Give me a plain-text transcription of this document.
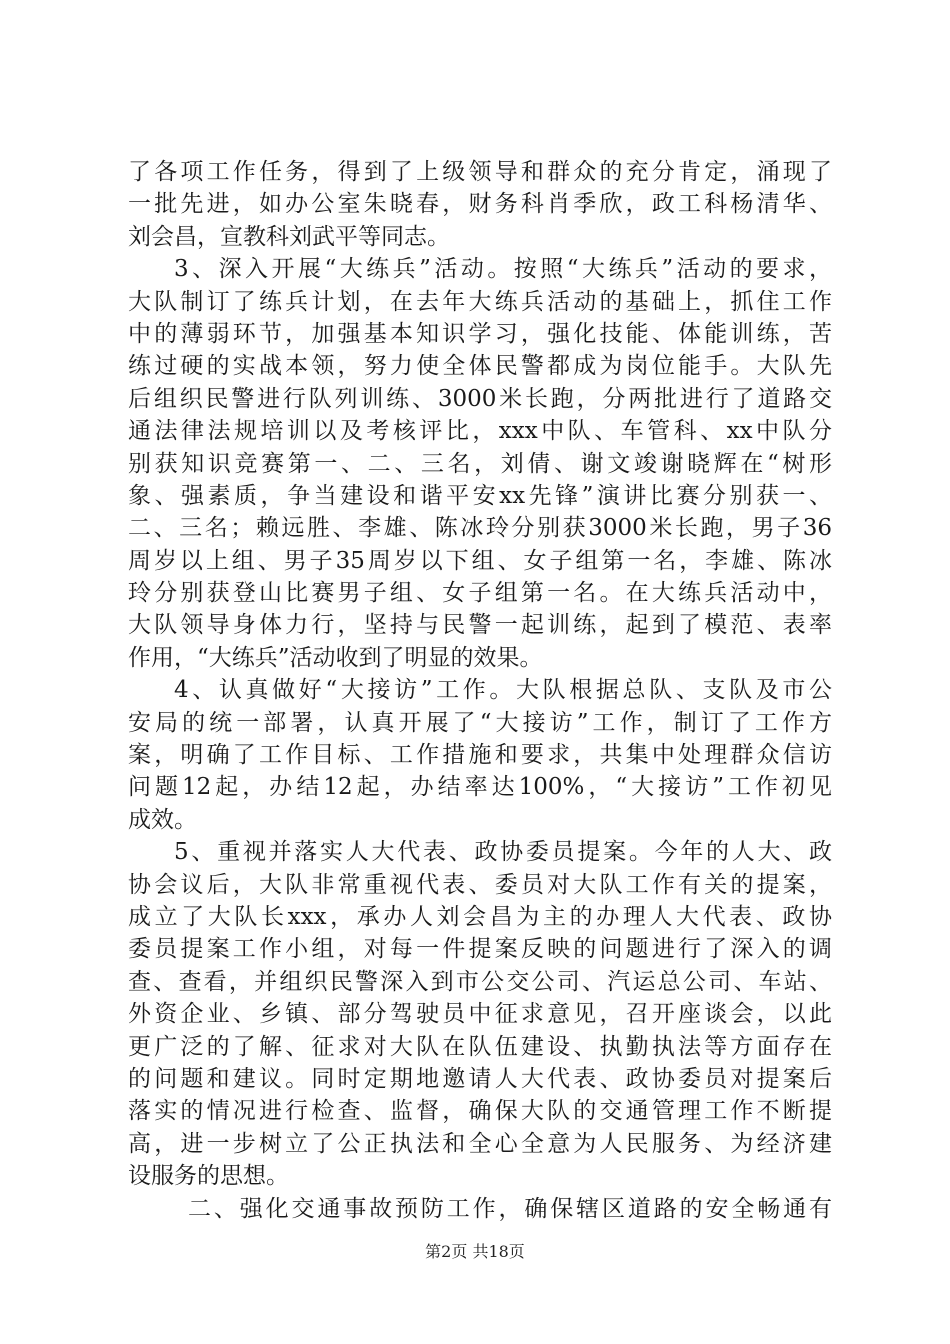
了各项工作任务，得到了上级领导和群众的充分肯定，涌现了
一批先进，如办公室朱晓春，财务科肖季欣，政工科杨清华、
刘会昌，宣教科刘武平等同志。
3、深入开展“大练兵”活动。按照“大练兵”活动的要求，
大队制订了练兵计划，在去年大练兵活动的基础上，抓住工作
中的薄弱环节，加强基本知识学习，强化技能、体能训练，苦
练过硬的实战本领，努力使全体民警都成为岗位能手。大队先
后组织民警进行队列训练、3000米长跑，分两批进行了道路交
通法律法规培训以及考核评比，xxx中队、车管科、xx中队分
别获知识竞赛第一、二、三名，刘倩、谢文竣谢晓辉在“树形
象、强素质，争当建设和谐平安xx先锋”演讲比赛分别获一、
二、三名；赖远胜、李雄、陈冰玲分别获3000米长跑，男子36
周岁以上组、男子35周岁以下组、女子组第一名，李雄、陈冰
玲分别获登山比赛男子组、女子组第一名。在大练兵活动中，
大队领导身体力行，坚持与民警一起训练，起到了模范、表率
作用，“大练兵”活动收到了明显的效果。
4、认真做好“大接访”工作。大队根据总队、支队及市公
安局的统一部署，认真开展了“大接访”工作，制订了工作方
案，明确了工作目标、工作措施和要求，共集中处理群众信访
问题12起，办结12起，办结率达100%，“大接访”工作初见
成效。
5、重视并落实人大代表、政协委员提案。今年的人大、政
协会议后，大队非常重视代表、委员对大队工作有关的提案，
成立了大队长xxx，承办人刘会昌为主的办理人大代表、政协
委员提案工作小组，对每一件提案反映的问题进行了深入的调
查、查看，并组织民警深入到市公交公司、汽运总公司、车站、
外资企业、乡镇、部分驾驶员中征求意见，召开座谈会，以此
更广泛的了解、征求对大队在队伍建设、执勤执法等方面存在
的问题和建议。同时定期地邀请人大代表、政协委员对提案后
落实的情况进行检查、监督，确保大队的交通管理工作不断提
高，进一步树立了公正执法和全心全意为人民服务、为经济建
设服务的思想。
二、强化交通事故预防工作，确保辖区道路的安全畅通有
第2页 共18页
